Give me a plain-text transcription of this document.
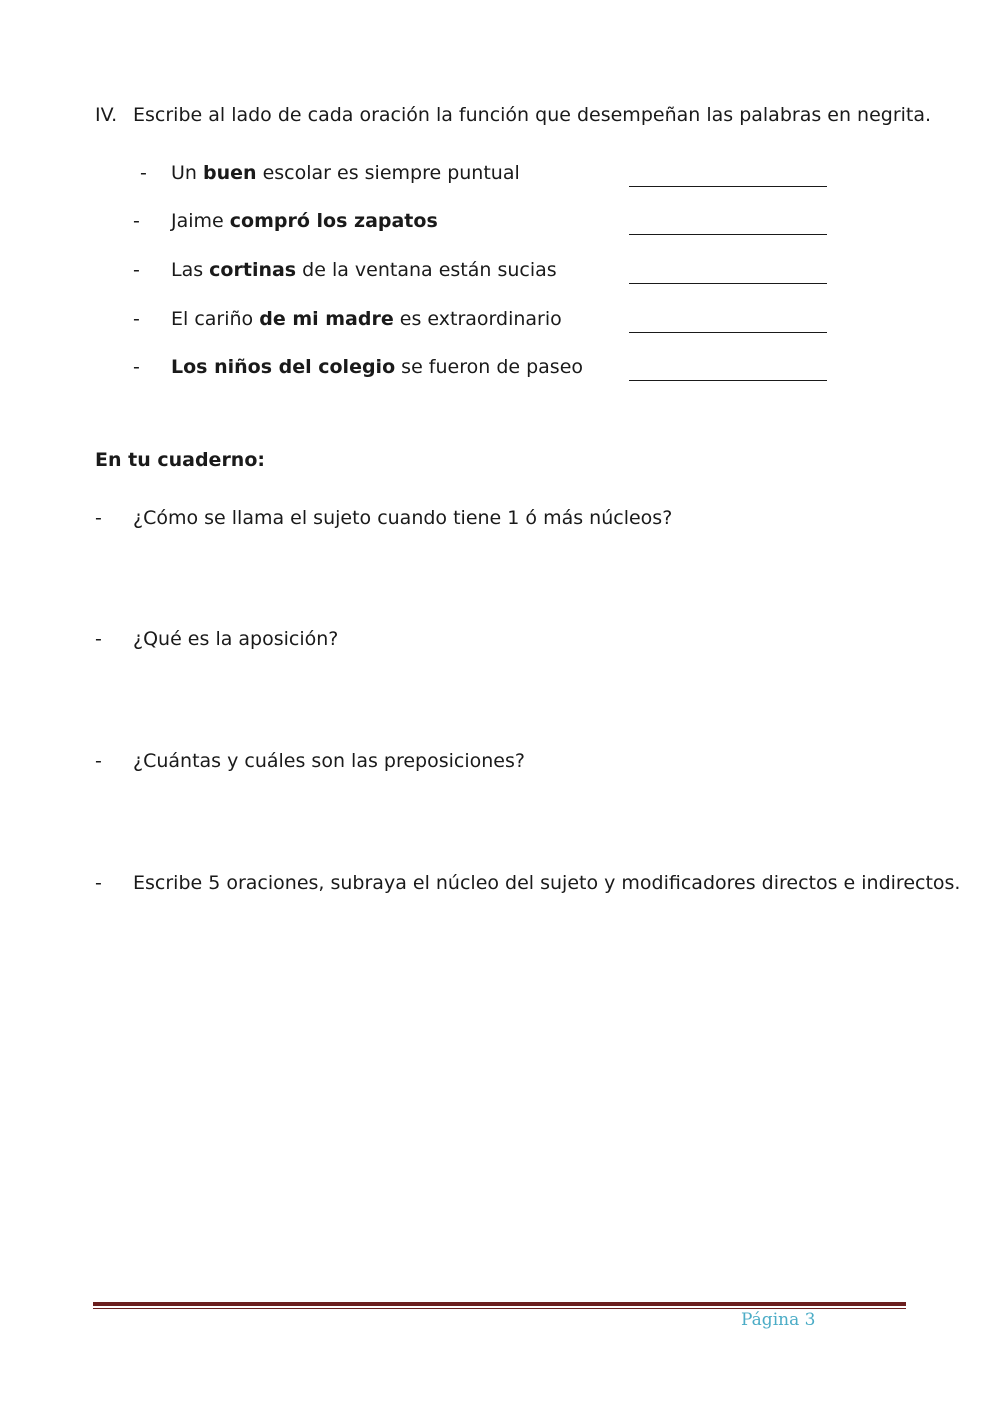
IV. Escribe al lado de cada oración la función que desempeñan las palabras en negrita.
- Un buen escolar es siempre puntual
- Jaime compró los zapatos
- Las cortinas de la ventana están sucias
- El cariño de mi madre es extraordinario
- Los niños del colegio se fueron de paseo
En tu cuaderno:
- ¿Cómo se llama el sujeto cuando tiene 1 ó más núcleos?
- ¿Qué es la aposición?
- ¿Cuántas y cuáles son las preposiciones?
- Escribe 5 oraciones, subraya el núcleo del sujeto y modificadores directos e indirectos.
Página 3
